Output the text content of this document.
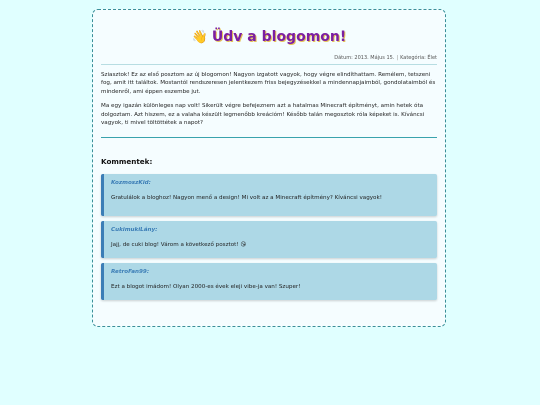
👋 Üdv a blogomon!
Dátum: 2013. Május 15. | Kategória: Élet

Sziasztok! Ez az első posztom az új blogomon! Nagyon izgatott vagyok, hogy végre elindíthattam. Remélem, tetszeni fog, amit itt találtok. Mostantól rendszeresen jelentkezem friss bejegyzésekkel a mindennapjaimból, gondolataimból és mindenről, ami éppen eszembe jut.

Ma egy igazán különleges nap volt! Sikerült végre befejeznem azt a hatalmas Minecraft építményt, amin hetek óta dolgoztam. Azt hiszem, ez a valaha készült legmenőbb kreációm! Később talán megosztok róla képeket is. Kíváncsi vagyok, ti mivel töltöttétek a napot?

Kommentek:
KozmoszKid:
Gratulálok a bloghoz! Nagyon menő a design! Mi volt az a Minecraft építmény? Kíváncsi vagyok!
CukimukiLány:
Jajj, de cuki blog! Várom a következő posztot! 😘
RetroFan99:
Ezt a blogot imádom! Olyan 2000-es évek eleji vibe-ja van! Szuper!
